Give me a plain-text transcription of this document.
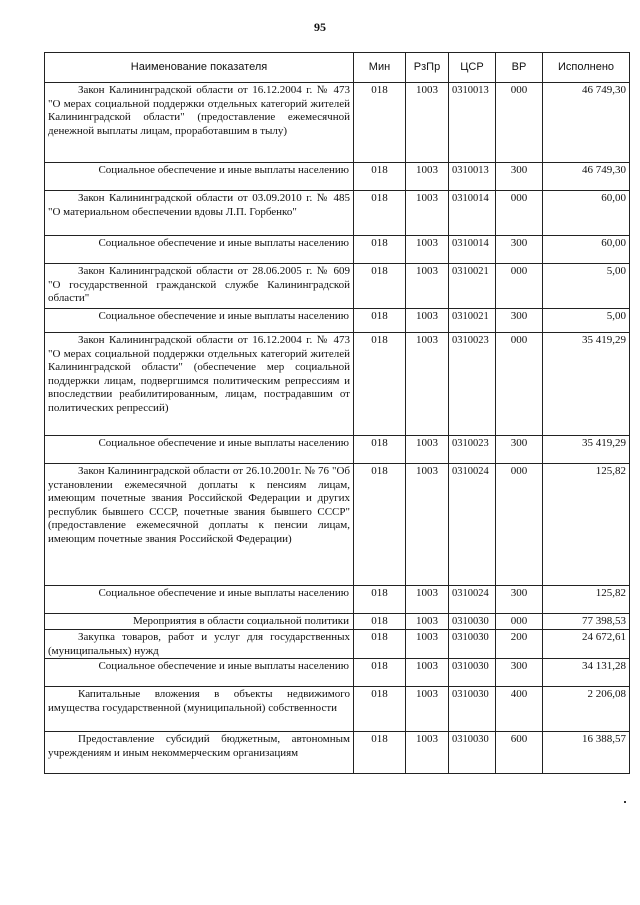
95
Наименование показателя	Мин	РзПр	ЦСР	ВР	Исполнено
Закон Калининградской области от 16.12.2004 г. № 473 "О мерах социальной поддержки отдельных категорий жителей Калининградской области" (предоставление ежемесячной денежной выплаты лицам, проработавшим в тылу)	018	1003	0310013	000	46 749,30
Социальное обеспечение и иные выплаты населению	018	1003	0310013	300	46 749,30
Закон Калининградской области от 03.09.2010 г. № 485 "О материальном обеспечении вдовы Л.П. Горбенко"	018	1003	0310014	000	60,00
Социальное обеспечение и иные выплаты населению	018	1003	0310014	300	60,00
Закон Калининградской области от 28.06.2005 г. № 609 "О государственной гражданской службе Калининградской области"	018	1003	0310021	000	5,00
Социальное обеспечение и иные выплаты населению	018	1003	0310021	300	5,00
Закон Калининградской области от 16.12.2004 г. № 473 "О мерах социальной поддержки отдельных категорий жителей Калининградской области" (обеспечение мер социальной поддержки лицам, подвергшимся политическим репрессиям и впоследствии реабилитированным, лицам, пострадавшим от политических репрессий)	018	1003	0310023	000	35 419,29
Социальное обеспечение и иные выплаты населению	018	1003	0310023	300	35 419,29
Закон Калининградской области от 26.10.2001г. № 76 "Об установлении ежемесячной доплаты к пенсиям лицам, имеющим почетные звания Российской Федерации и других республик бывшего СССР, почетные звания бывшего СССР" (предоставление ежемесячной доплаты к пенсии лицам, имеющим почетные звания Российской Федерации)	018	1003	0310024	000	125,82
Социальное обеспечение и иные выплаты населению	018	1003	0310024	300	125,82
Мероприятия в области социальной политики	018	1003	0310030	000	77 398,53
Закупка товаров, работ и услуг для государственных (муниципальных) нужд	018	1003	0310030	200	24 672,61
Социальное обеспечение и иные выплаты населению	018	1003	0310030	300	34 131,28
Капитальные вложения в объекты недвижимого имущества государственной (муниципальной) собственности	018	1003	0310030	400	2 206,08
Предоставление субсидий бюджетным, автономным учреждениям и иным некоммерческим организациям	018	1003	0310030	600	16 388,57
